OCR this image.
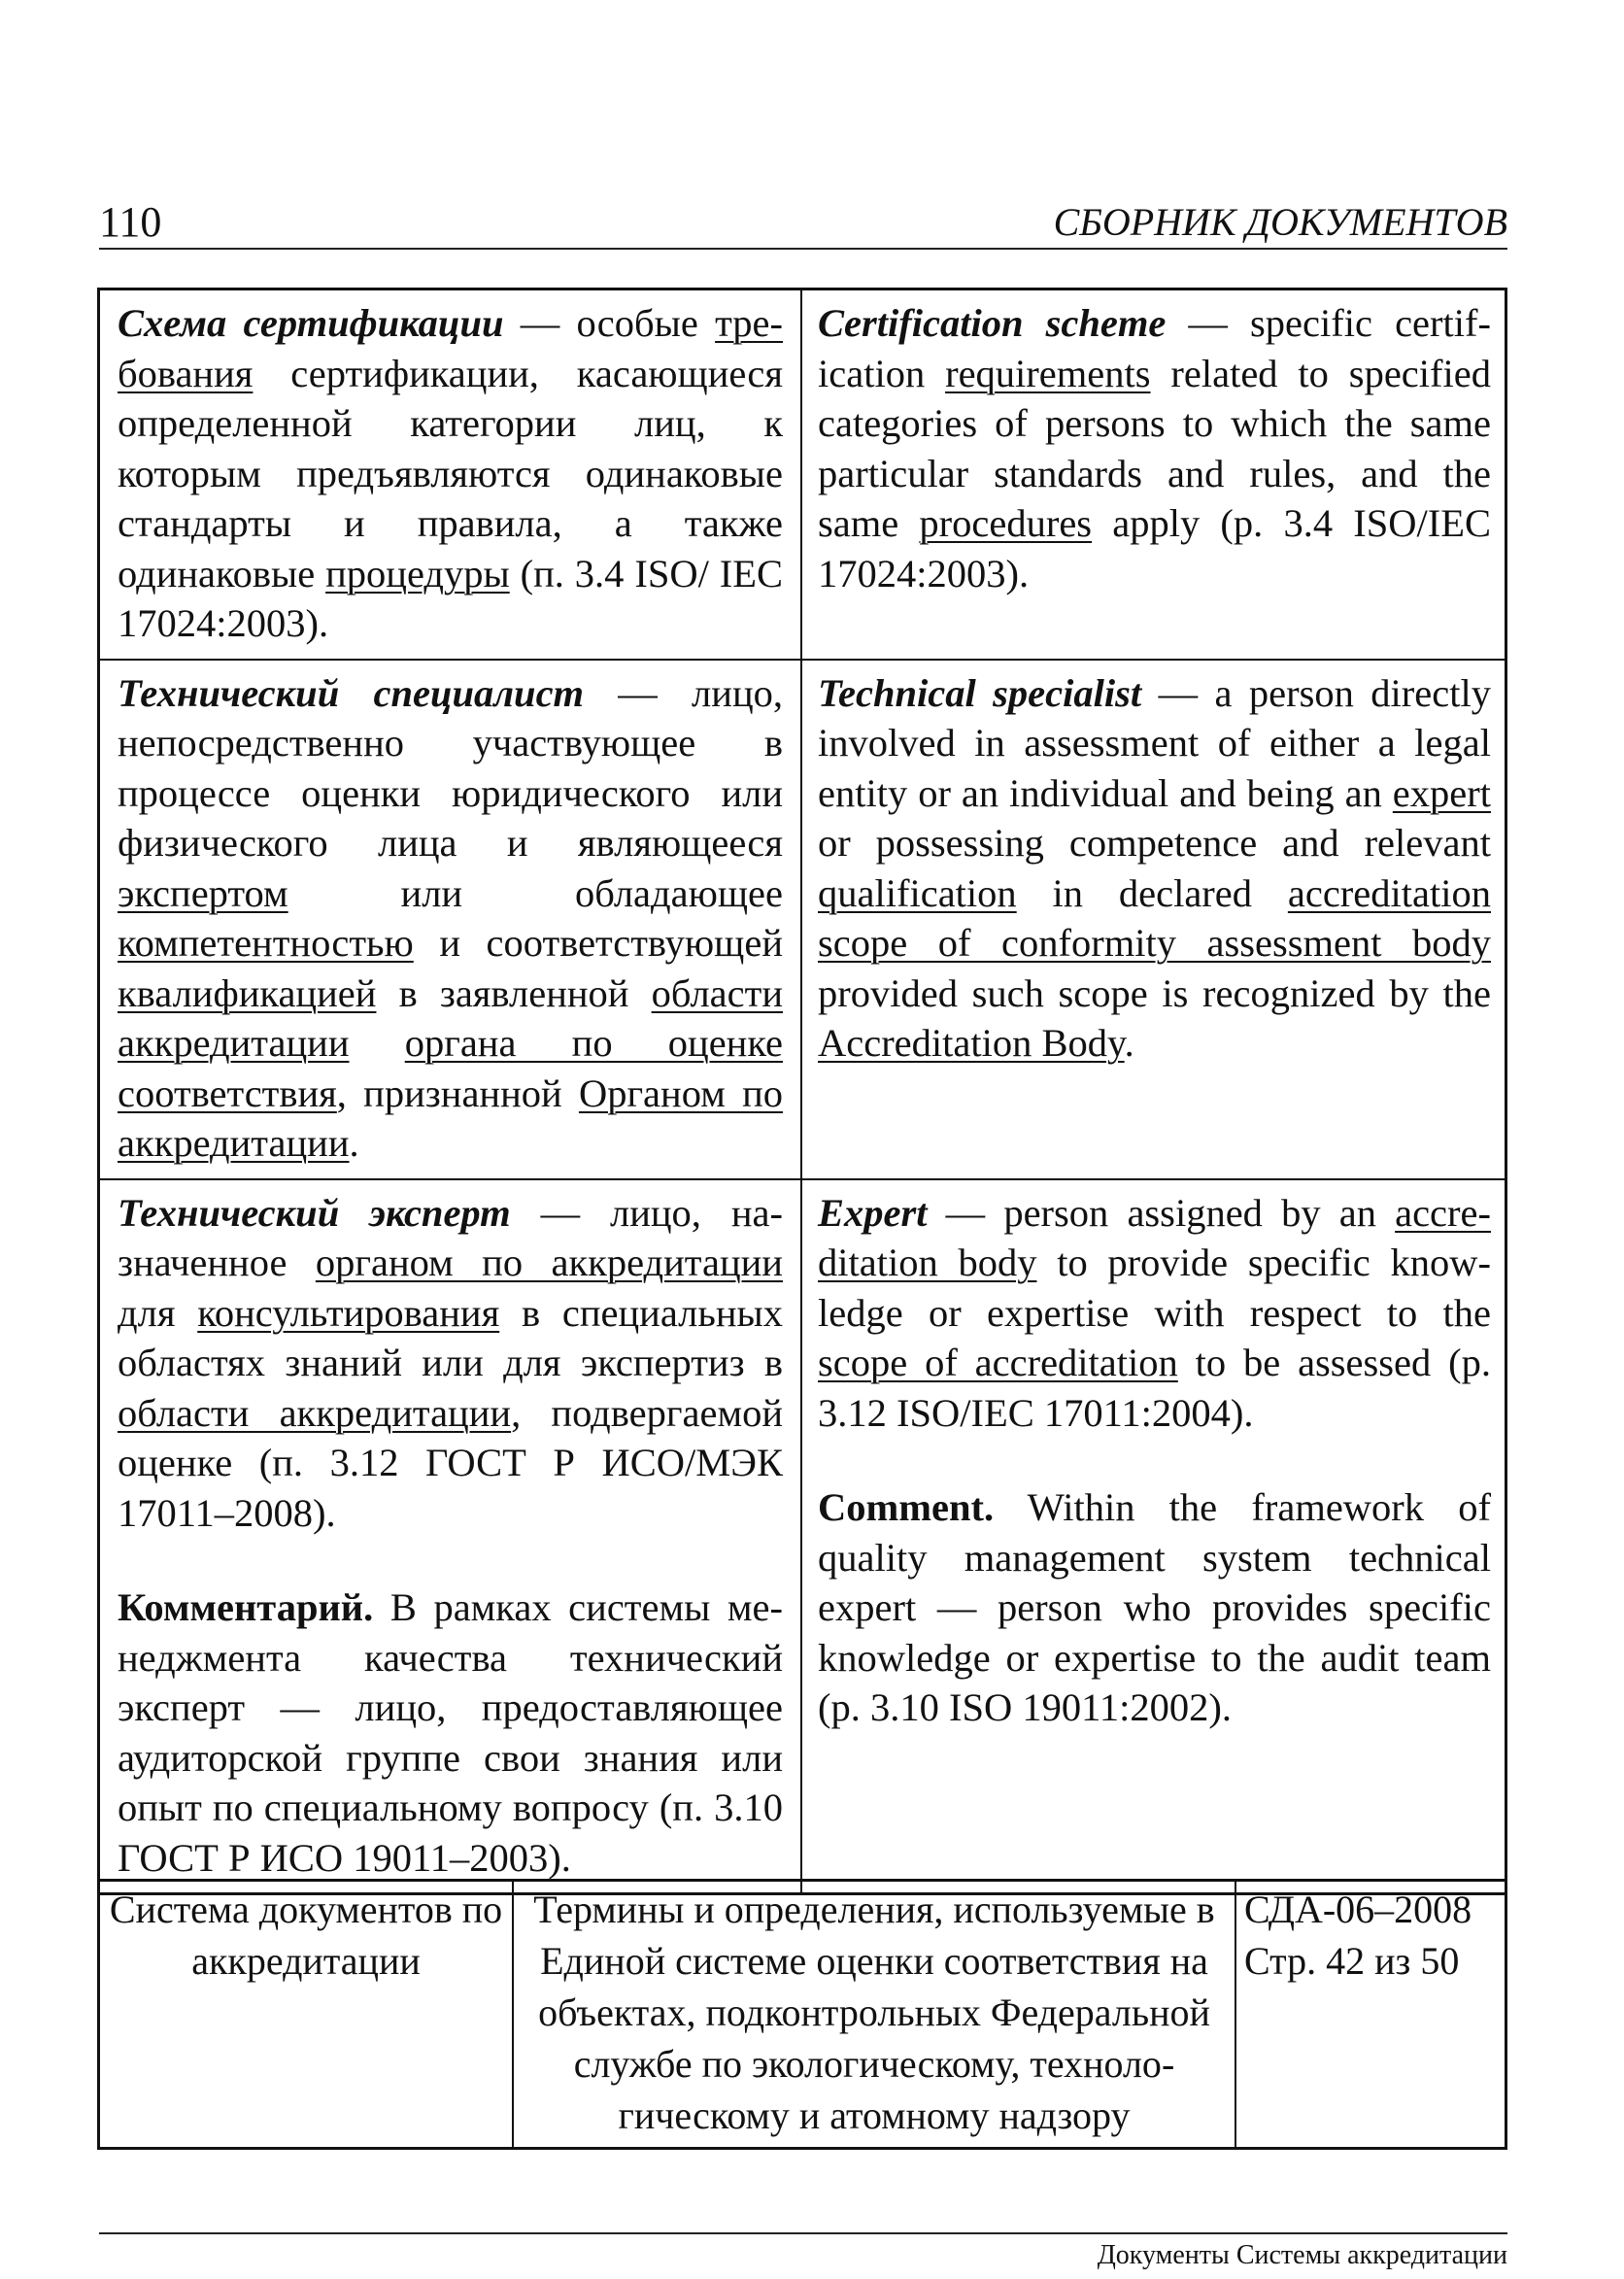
110	СБОРНИК ДОКУМЕНТОВ
Схема сертификации — особые требования сертификации, касающиеся определенной категории лиц, к которым предъявляются одинаковые стандарты и правила, а также одинаковые процедуры (п. 3.4 ISO/ IEC 17024:2003).
Certification scheme — specific certification requirements related to specified categories of persons to which the same particular standards and rules, and the same procedures apply (p. 3.4 ISO/IEC 17024:2003).
Технический специалист — лицо, непосредственно участвующее в процессе оценки юридического или физического лица и являющееся экспертом или обладающее компетентностью и соответствующей квалификацией в заявленной области аккредитации органа по оценке соответствия, признанной Органом по аккредитации.
Technical specialist — a person directly involved in assessment of either a legal entity or an individual and being an expert or possessing competence and relevant qualification in declared accreditation scope of conformity assessment body provided such scope is recognized by the Accreditation Body.
Технический эксперт — лицо, назначенное органом по аккредитации для консультирования в специальных областях знаний или для экспертиз в области аккредитации, подвергаемой оценке (п. 3.12 ГОСТ Р ИСО/МЭК 17011–2008).
Комментарий. В рамках системы менеджмента качества технический эксперт — лицо, предоставляющее аудиторской группе свои знания или опыт по специальному вопросу (п. 3.10 ГОСТ Р ИСО 19011–2003).
Expert — person assigned by an accreditation body to provide specific knowledge or expertise with respect to the scope of accreditation to be assessed (p. 3.12 ISO/IEC 17011:2004).
Comment. Within the framework of quality management system technical expert — person who provides specific knowledge or expertise to the audit team (p. 3.10 ISO 19011:2002).
Система документов по аккредитации
Термины и определения, используемые в Единой системе оценки соответствия на объектах, подконтрольных Федеральной службе по экологическому, технологическому и атомному надзору
СДА-06–2008
Стр. 42 из 50
Документы Системы аккредитации
